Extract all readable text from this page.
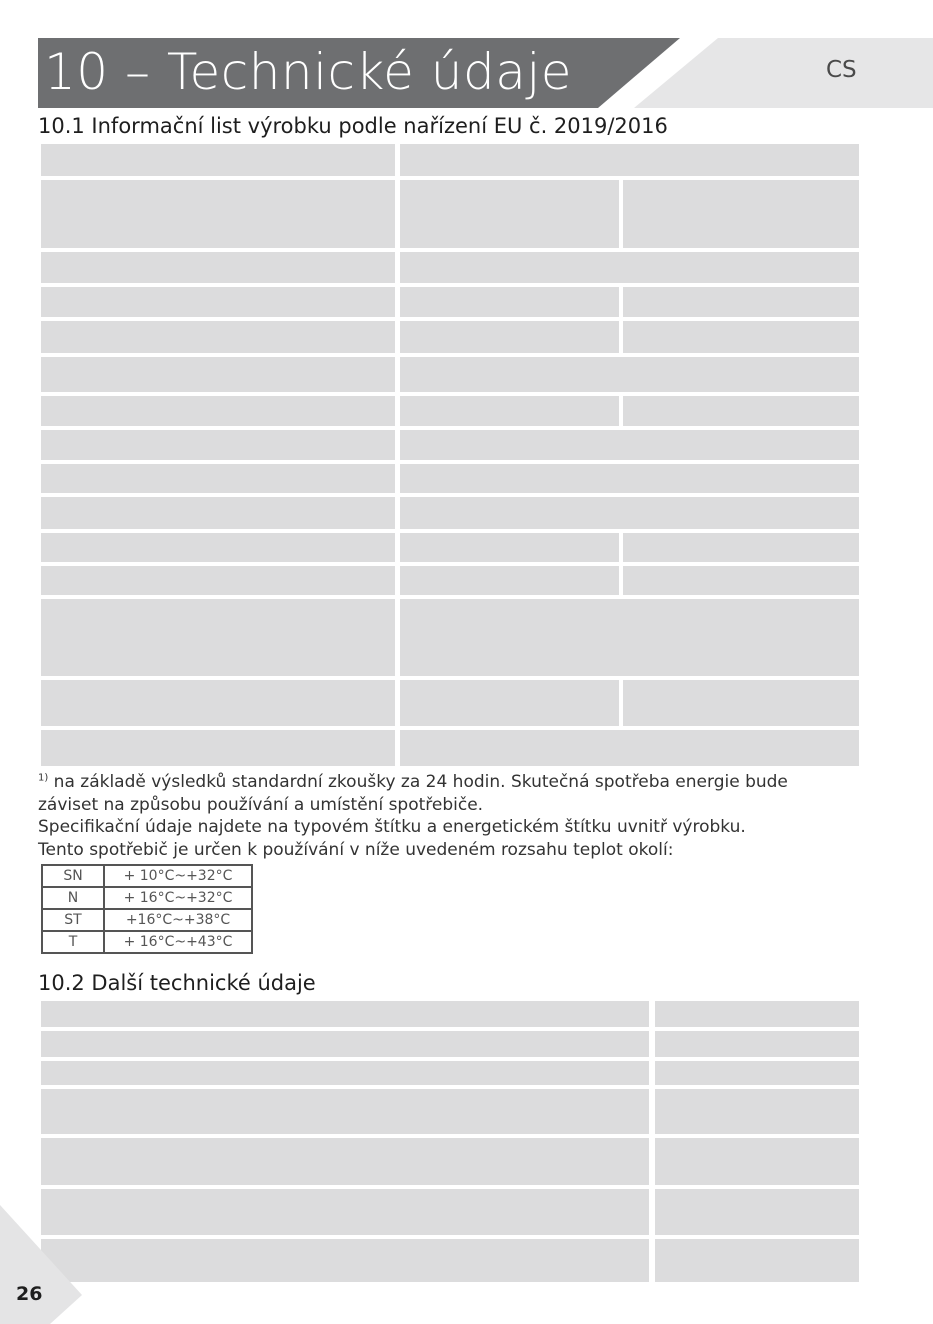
10 – Technické údaje	CS
10.1 Informační list výrobku podle nařízení EU č. 2019/2016

$^{1)}$ na základě výsledků standardní zkoušky za 24 hodin. Skutečná spotřeba energie bude

záviset na způsobu používání a umístění spotřebiče.

Specifikační údaje najdete na typovém štítku a energetickém štítku uvnitř výrobku.

Tento spotřebič je určen k používání v níže uvedeném rozsahu teplot okolí:

SN	+ 10°C~+32°C
N	+ 16°C~+32°C
ST	+16°C~+38°C
T	+ 16°C~+43°C
10.2 Další technické údaje
26
